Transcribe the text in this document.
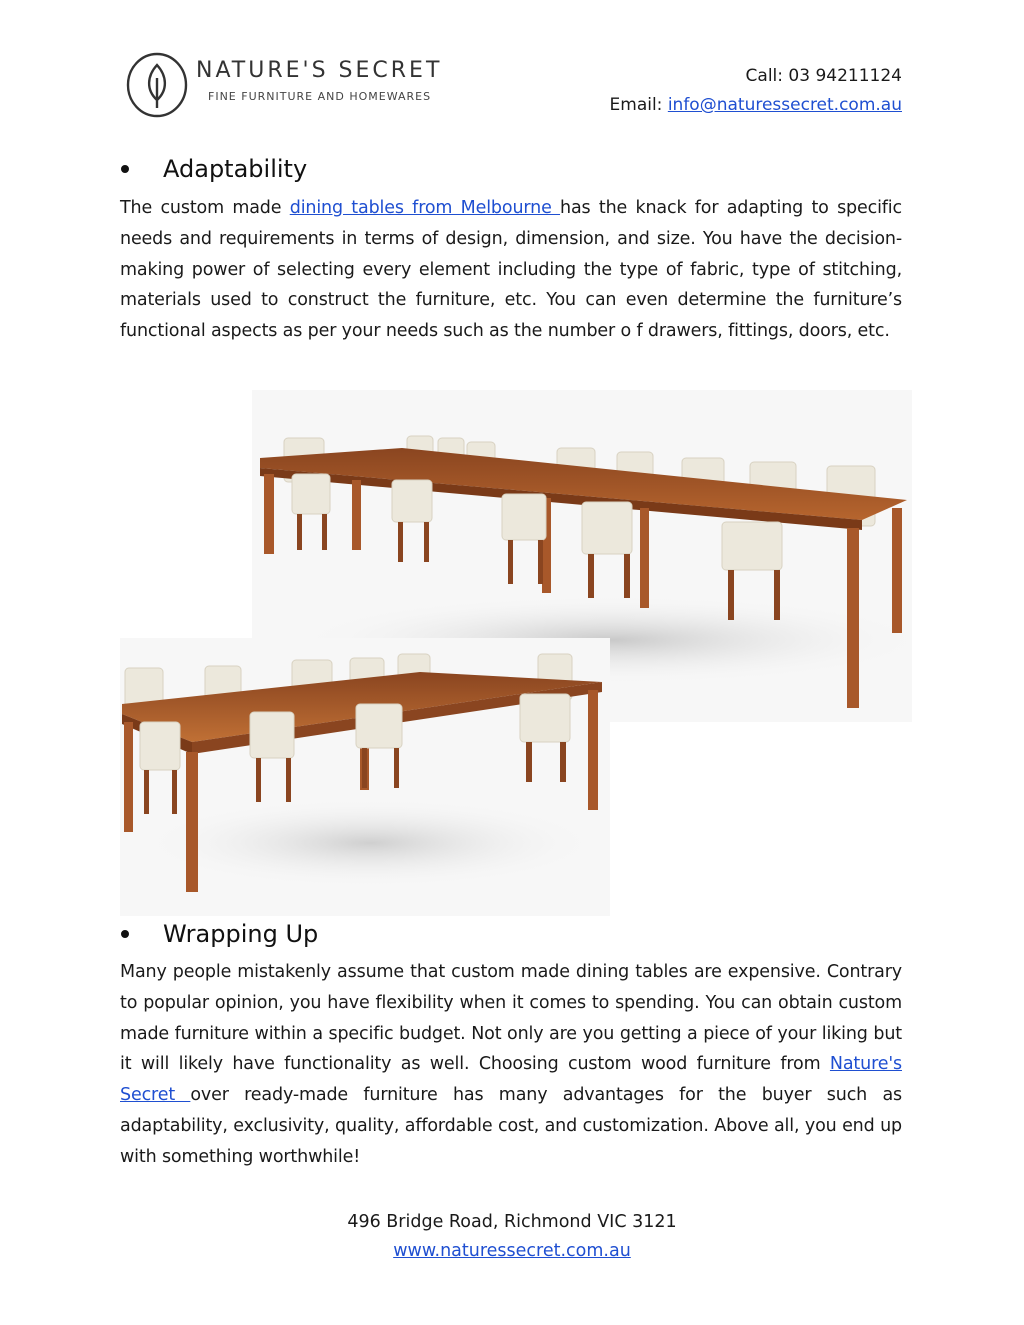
NATURE'S SECRET
FINE FURNITURE AND HOMEWARES
Call: 03 94211124
Email: info@naturessecret.com.au
Adaptability
The custom made dining tables from Melbourne has the knack for adapting to specific needs and requirements in terms of design, dimension, and size. You have the decision-making power of selecting every element including the type of fabric, type of stitching, materials used to construct the furniture, etc. You can even determine the furniture’s functional aspects as per your needs such as the number o f drawers, fittings, doors, etc.
Wrapping Up
Many people mistakenly assume that custom made dining tables are expensive. Contrary to popular opinion, you have flexibility when it comes to spending. You can obtain custom made furniture within a specific budget. Not only are you getting a piece of your liking but it will likely have functionality as well. Choosing custom wood furniture from Nature's Secret over ready-made furniture has many advantages for the buyer such as adaptability, exclusivity, quality, affordable cost, and customization. Above all, you end up with something worthwhile!
496 Bridge Road, Richmond VIC 3121
www.naturessecret.com.au
